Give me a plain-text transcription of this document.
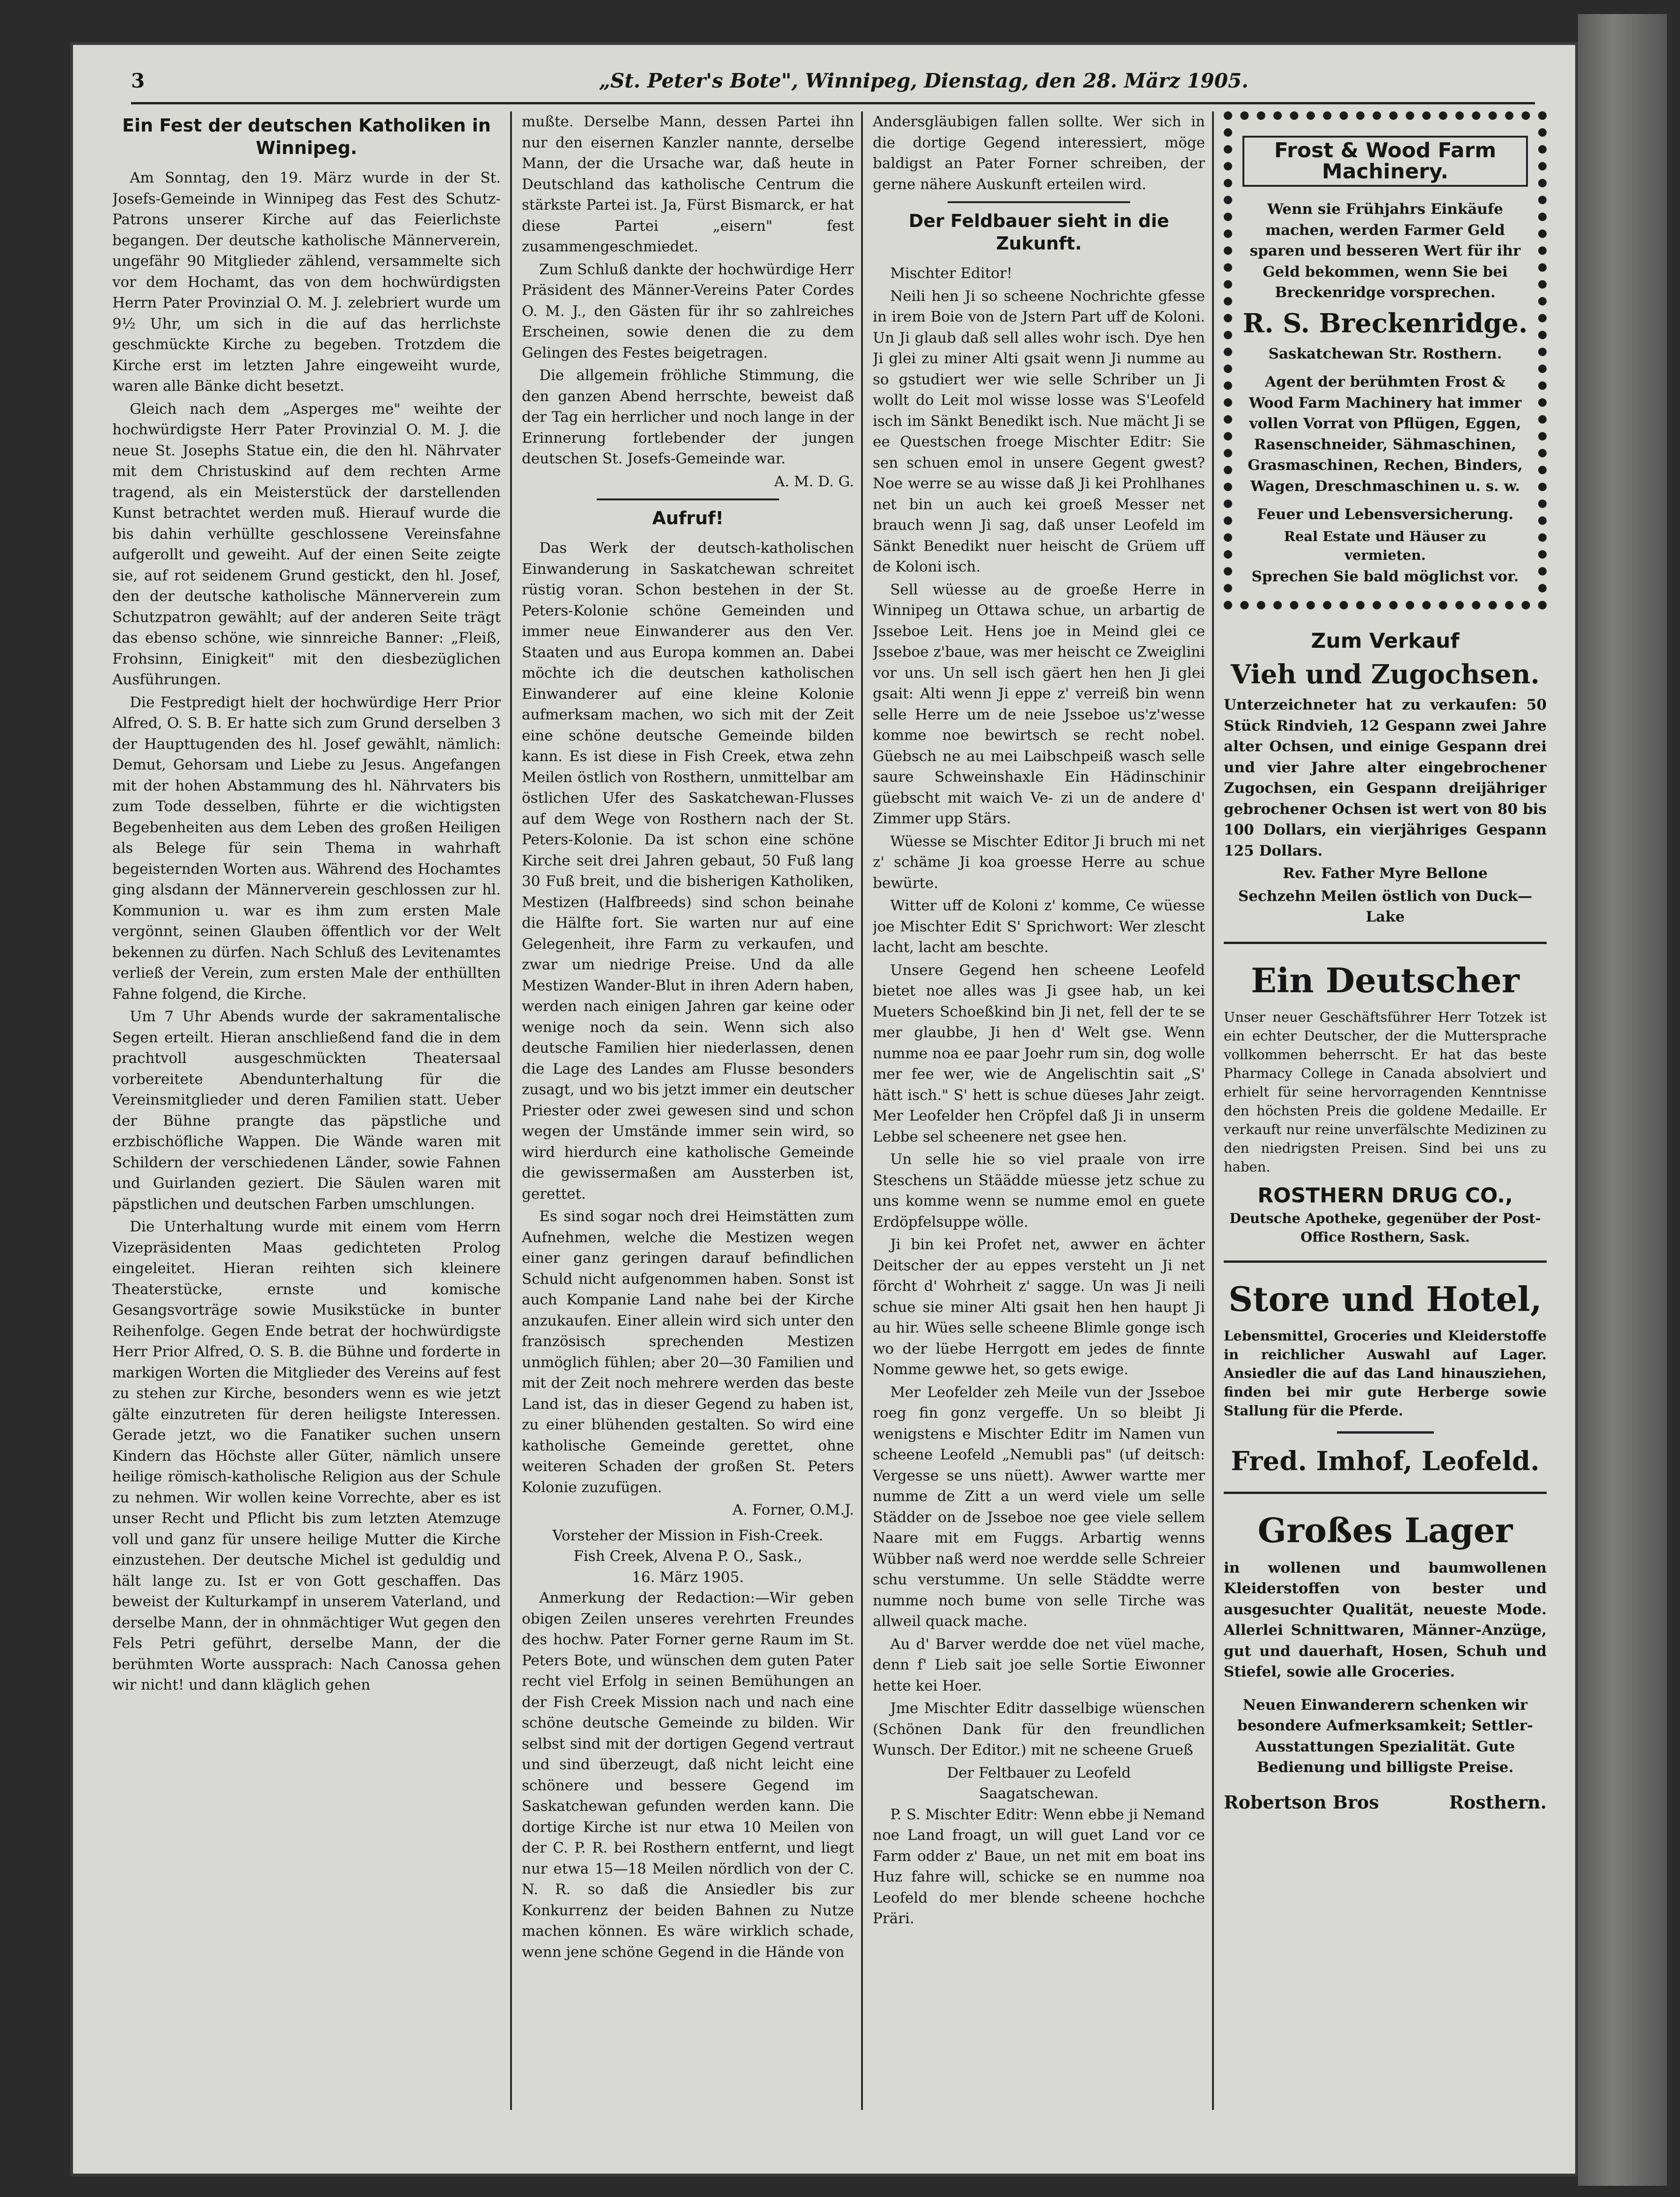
3	„St. Peter's Bote", Winnipeg, Dienstag, den 28. März 1905.
Ein Fest der deutschen Katholiken in Winnipeg.

Am Sonntag, den 19. März wurde in der St. Josefs-Gemeinde in Winnipeg das Fest des Schutz-Patrons unserer Kirche auf das Feierlichste begangen. Der deutsche katholische Männerverein, ungefähr 90 Mitglieder zählend, versammelte sich vor dem Hochamt, das von dem hochwürdigsten Herrn Pater Provinzial O. M. J. zelebriert wurde um 9½ Uhr, um sich in die auf das herrlichste geschmückte Kirche zu begeben. Trotzdem die Kirche erst im letzten Jahre eingeweiht wurde, waren alle Bänke dicht besetzt.

Gleich nach dem „Asperges me" weihte der hochwürdigste Herr Pater Provinzial O. M. J. die neue St. Josephs Statue ein, die den hl. Nährvater mit dem Christuskind auf dem rechten Arme tragend, als ein Meisterstück der darstellenden Kunst betrachtet werden muß. Hierauf wurde die bis dahin verhüllte geschlossene Vereinsfahne aufgerollt und geweiht. Auf der einen Seite zeigte sie, auf rot seidenem Grund gestickt, den hl. Josef, den der deutsche katholische Männerverein zum Schutzpatron gewählt; auf der anderen Seite trägt das ebenso schöne, wie sinnreiche Banner: „Fleiß, Frohsinn, Einigkeit" mit den diesbezüglichen Ausführungen.

Die Festpredigt hielt der hochwürdige Herr Prior Alfred, O. S. B. Er hatte sich zum Grund derselben 3 der Haupttugenden des hl. Josef gewählt, nämlich: Demut, Gehorsam und Liebe zu Jesus. Angefangen mit der hohen Abstammung des hl. Nährvaters bis zum Tode desselben, führte er die wichtigsten Begebenheiten aus dem Leben des großen Heiligen als Belege für sein Thema in wahrhaft begeisternden Worten aus. Während des Hochamtes ging alsdann der Männerverein geschlossen zur hl. Kommunion u. war es ihm zum ersten Male vergönnt, seinen Glauben öffentlich vor der Welt bekennen zu dürfen. Nach Schluß des Levitenamtes verließ der Verein, zum ersten Male der enthüllten Fahne folgend, die Kirche.

Um 7 Uhr Abends wurde der sakramentalische Segen erteilt. Hieran anschließend fand die in dem prachtvoll ausgeschmückten Theatersaal vorbereitete Abendunterhaltung für die Vereinsmitglieder und deren Familien statt. Ueber der Bühne prangte das päpstliche und erzbischöfliche Wappen. Die Wände waren mit Schildern der verschiedenen Länder, sowie Fahnen und Guirlanden geziert. Die Säulen waren mit päpstlichen und deutschen Farben umschlungen.

Die Unterhaltung wurde mit einem vom Herrn Vizepräsidenten Maas gedichteten Prolog eingeleitet. Hieran reihten sich kleinere Theaterstücke, ernste und komische Gesangsvorträge sowie Musikstücke in bunter Reihenfolge. Gegen Ende betrat der hochwürdigste Herr Prior Alfred, O. S. B. die Bühne und forderte in markigen Worten die Mitglieder des Vereins auf fest zu stehen zur Kirche, besonders wenn es wie jetzt gälte einzutreten für deren heiligste Interessen. Gerade jetzt, wo die Fanatiker suchen unsern Kindern das Höchste aller Güter, nämlich unsere heilige römisch-katholische Religion aus der Schule zu nehmen. Wir wollen keine Vorrechte, aber es ist unser Recht und Pflicht bis zum letzten Atemzuge voll und ganz für unsere heilige Mutter die Kirche einzustehen. Der deutsche Michel ist geduldig und hält lange zu. Ist er von Gott geschaffen. Das beweist der Kulturkampf in unserem Vaterland, und derselbe Mann, der in ohnmächtiger Wut gegen den Fels Petri geführt, derselbe Mann, der die berühmten Worte aussprach: Nach Canossa gehen wir nicht! und dann kläglich gehen

mußte. Derselbe Mann, dessen Partei ihn nur den eisernen Kanzler nannte, derselbe Mann, der die Ursache war, daß heute in Deutschland das katholische Centrum die stärkste Partei ist. Ja, Fürst Bismarck, er hat diese Partei „eisern" fest zusammengeschmiedet.

Zum Schluß dankte der hochwürdige Herr Präsident des Männer-Vereins Pater Cordes O. M. J., den Gästen für ihr so zahlreiches Erscheinen, sowie denen die zu dem Gelingen des Festes beigetragen.

Die allgemein fröhliche Stimmung, die den ganzen Abend herrschte, beweist daß der Tag ein herrlicher und noch lange in der Erinnerung fortlebender der jungen deutschen St. Josefs-Gemeinde war.

A. M. D. G.
Aufruf!

Das Werk der deutsch-katholischen Einwanderung in Saskatchewan schreitet rüstig voran. Schon bestehen in der St. Peters-Kolonie schöne Gemeinden und immer neue Einwanderer aus den Ver. Staaten und aus Europa kommen an. Dabei möchte ich die deutschen katholischen Einwanderer auf eine kleine Kolonie aufmerksam machen, wo sich mit der Zeit eine schöne deutsche Gemeinde bilden kann. Es ist diese in Fish Creek, etwa zehn Meilen östlich von Rosthern, unmittelbar am östlichen Ufer des Saskatchewan-Flusses auf dem Wege von Rosthern nach der St. Peters-Kolonie. Da ist schon eine schöne Kirche seit drei Jahren gebaut, 50 Fuß lang 30 Fuß breit, und die bisherigen Katholiken, Mestizen (Halfbreeds) sind schon beinahe die Hälfte fort. Sie warten nur auf eine Gelegenheit, ihre Farm zu verkaufen, und zwar um niedrige Preise. Und da alle Mestizen Wander-Blut in ihren Adern haben, werden nach einigen Jahren gar keine oder wenige noch da sein. Wenn sich also deutsche Familien hier niederlassen, denen die Lage des Landes am Flusse besonders zusagt, und wo bis jetzt immer ein deutscher Priester oder zwei gewesen sind und schon wegen der Umstände immer sein wird, so wird hierdurch eine katholische Gemeinde die gewissermaßen am Aussterben ist, gerettet.

Es sind sogar noch drei Heimstätten zum Aufnehmen, welche die Mestizen wegen einer ganz geringen darauf befindlichen Schuld nicht aufgenommen haben. Sonst ist auch Kompanie Land nahe bei der Kirche anzukaufen. Einer allein wird sich unter den französisch sprechenden Mestizen unmöglich fühlen; aber 20—30 Familien und mit der Zeit noch mehrere werden das beste Land ist, das in dieser Gegend zu haben ist, zu einer blühenden gestalten. So wird eine katholische Gemeinde gerettet, ohne weiteren Schaden der großen St. Peters Kolonie zuzufügen.

A. Forner, O.M.J.
Vorsteher der Mission in Fish-Creek.
Fish Creek, Alvena P. O., Sask.,
16. März 1905.

Anmerkung der Redaction:—Wir geben obigen Zeilen unseres verehrten Freundes des hochw. Pater Forner gerne Raum im St. Peters Bote, und wünschen dem guten Pater recht viel Erfolg in seinen Bemühungen an der Fish Creek Mission nach und nach eine schöne deutsche Gemeinde zu bilden. Wir selbst sind mit der dortigen Gegend vertraut und sind überzeugt, daß nicht leicht eine schönere und bessere Gegend im Saskatchewan gefunden werden kann. Die dortige Kirche ist nur etwa 10 Meilen von der C. P. R. bei Rosthern entfernt, und liegt nur etwa 15—18 Meilen nördlich von der C. N. R. so daß die Ansiedler bis zur Konkurrenz der beiden Bahnen zu Nutze machen können. Es wäre wirklich schade, wenn jene schöne Gegend in die Hände von

Andersgläubigen fallen sollte. Wer sich in die dortige Gegend interessiert, möge baldigst an Pater Forner schreiben, der gerne nähere Auskunft erteilen wird.

Der Feldbauer sieht in die Zukunft.

Mischter Editor!

Neili hen Ji so scheene Nochrichte gfesse in irem Boie von de Jstern Part uff de Koloni. Un Ji glaub daß sell alles wohr isch. Dye hen Ji glei zu miner Alti gsait wenn Ji numme au so gstudiert wer wie selle Schriber un Ji wollt do Leit mol wisse losse was S'Leofeld isch im Sänkt Benedikt isch. Nue mächt Ji se ee Questschen froege Mischter Editr: Sie sen schuen emol in unsere Gegent gwest? Noe werre se au wisse daß Ji kei Prohlhanes net bin un auch kei groeß Messer net brauch wenn Ji sag, daß unser Leofeld im Sänkt Benedikt nuer heischt de Grüem uff de Koloni isch.

Sell wüesse au de groeße Herre in Winnipeg un Ottawa schue, un arbartig de Jsseboe Leit. Hens joe in Meind glei ce Jsseboe z'baue, was mer heischt ce Zweiglini vor uns. Un sell isch gäert hen hen Ji glei gsait: Alti wenn Ji eppe z' verreiß bin wenn selle Herre um de neie Jsseboe us'z'wesse komme noe bewirtsch se recht nobel. Güebsch ne au mei Laibschpeiß wasch selle saure Schweinshaxle Ein Hädinschinir güebscht mit waich Ve- zi un de andere d' Zimmer upp Stärs.

Wüesse se Mischter Editor Ji bruch mi net z' schäme Ji koa groesse Herre au schue bewürte.

Witter uff de Koloni z' komme, Ce wüesse joe Mischter Edit S' Sprichwort: Wer zlescht lacht, lacht am beschte.

Unsere Gegend hen scheene Leofeld bietet noe alles was Ji gsee hab, un kei Mueters Schoeßkind bin Ji net, fell der te se mer glaubbe, Ji hen d' Welt gse. Wenn numme noa ee paar Joehr rum sin, dog wolle mer fee wer, wie de Angelischtin sait „S' hätt isch." S' hett is schue düeses Jahr zeigt. Mer Leofelder hen Cröpfel daß Ji in unserm Lebbe sel scheenere net gsee hen.

Un selle hie so viel praale von irre Steschens un Stäädde müesse jetz schue zu uns komme wenn se numme emol en guete Erdöpfelsuppe wölle.

Ji bin kei Profet net, awwer en ächter Deitscher der au eppes versteht un Ji net förcht d' Wohrheit z' sagge. Un was Ji neili schue sie miner Alti gsait hen hen haupt Ji au hir. Wües selle scheene Blimle gonge isch wo der lüebe Herrgott em jedes de finnte Nomme gewwe het, so gets ewige.

Mer Leofelder zeh Meile vun der Jsseboe roeg fin gonz vergeffe. Un so bleibt Ji wenigstens e Mischter Editr im Namen vun scheene Leofeld „Nemubli pas" (uf deitsch: Vergesse se uns nüett). Awwer wartte mer numme de Zitt a un werd viele um selle Städder on de Jsseboe noe gee viele sellem Naare mit em Fuggs. Arbartig wenns Wübber naß werd noe werdde selle Schreier schu verstumme. Un selle Städdte werre numme noch bume von selle Tirche was allweil quack mache.

Au d' Barver werdde doe net vüel mache, denn f' Lieb sait joe selle Sortie Eiwonner hette kei Hoer.

Jme Mischter Editr dasselbige wüenschen (Schönen Dank für den freundlichen Wunsch. Der Editor.) mit ne scheene Grueß

Der Feltbauer zu Leofeld
Saagatschewan.

P. S. Mischter Editr: Wenn ebbe ji Nemand noe Land froagt, un will guet Land vor ce Farm odder z' Baue, un net mit em boat ins Huz fahre will, schicke se en numme noa Leofeld do mer blende scheene hochche Präri.

Frost & Wood Farm Machinery.

Wenn sie Frühjahrs Einkäufe machen, werden Farmer Geld sparen und besseren Wert für ihr Geld bekommen, wenn Sie bei Breckenridge vorsprechen.

R. S. Breckenridge.

Saskatchewan Str. Rosthern.

Agent der berühmten Frost & Wood Farm Machinery hat immer vollen Vorrat von Pflügen, Eggen, Rasenschneider, Sähmaschinen, Grasmaschinen, Rechen, Binders, Wagen, Dreschmaschinen u. s. w.

Feuer und Lebensversicherung.

Real Estate und Häuser zu vermieten.

Sprechen Sie bald möglichst vor.

Zum Verkauf
Vieh und Zugochsen.

Unterzeichneter hat zu verkaufen: 50 Stück Rindvieh, 12 Gespann zwei Jahre alter Ochsen, und einige Gespann drei und vier Jahre alter eingebrochener Zugochsen, ein Gespann dreijähriger gebrochener Ochsen ist wert von 80 bis 100 Dollars, ein vierjähriges Gespann 125 Dollars.

Rev. Father Myre Bellone

Sechzehn Meilen östlich von Duck—Lake

Ein Deutscher

Unser neuer Geschäftsführer Herr Totzek ist ein echter Deutscher, der die Muttersprache vollkommen beherrscht. Er hat das beste Pharmacy College in Canada absolviert und erhielt für seine hervorragenden Kenntnisse den höchsten Preis die goldene Medaille. Er verkauft nur reine unverfälschte Medizinen zu den niedrigsten Preisen. Sind bei uns zu haben.

ROSTHERN DRUG CO.,

Deutsche Apotheke, gegenüber der Post-Office Rosthern, Sask.

Store und Hotel,

Lebensmittel, Groceries und Kleiderstoffe in reichlicher Auswahl auf Lager. Ansiedler die auf das Land hinausziehen, finden bei mir gute Herberge sowie Stallung für die Pferde.

Fred. Imhof, Leofeld.
Großes Lager

in wollenen und baumwollenen Kleiderstoffen von bester und ausgesuchter Qualität, neueste Mode. Allerlei Schnittwaren, Männer-Anzüge, gut und dauerhaft, Hosen, Schuh und Stiefel, sowie alle Groceries.

Neuen Einwanderern schenken wir besondere Aufmerksamkeit; Settler-Ausstattungen Spezialität. Gute Bedienung und billigste Preise.

Robertson Bros	Rosthern.
